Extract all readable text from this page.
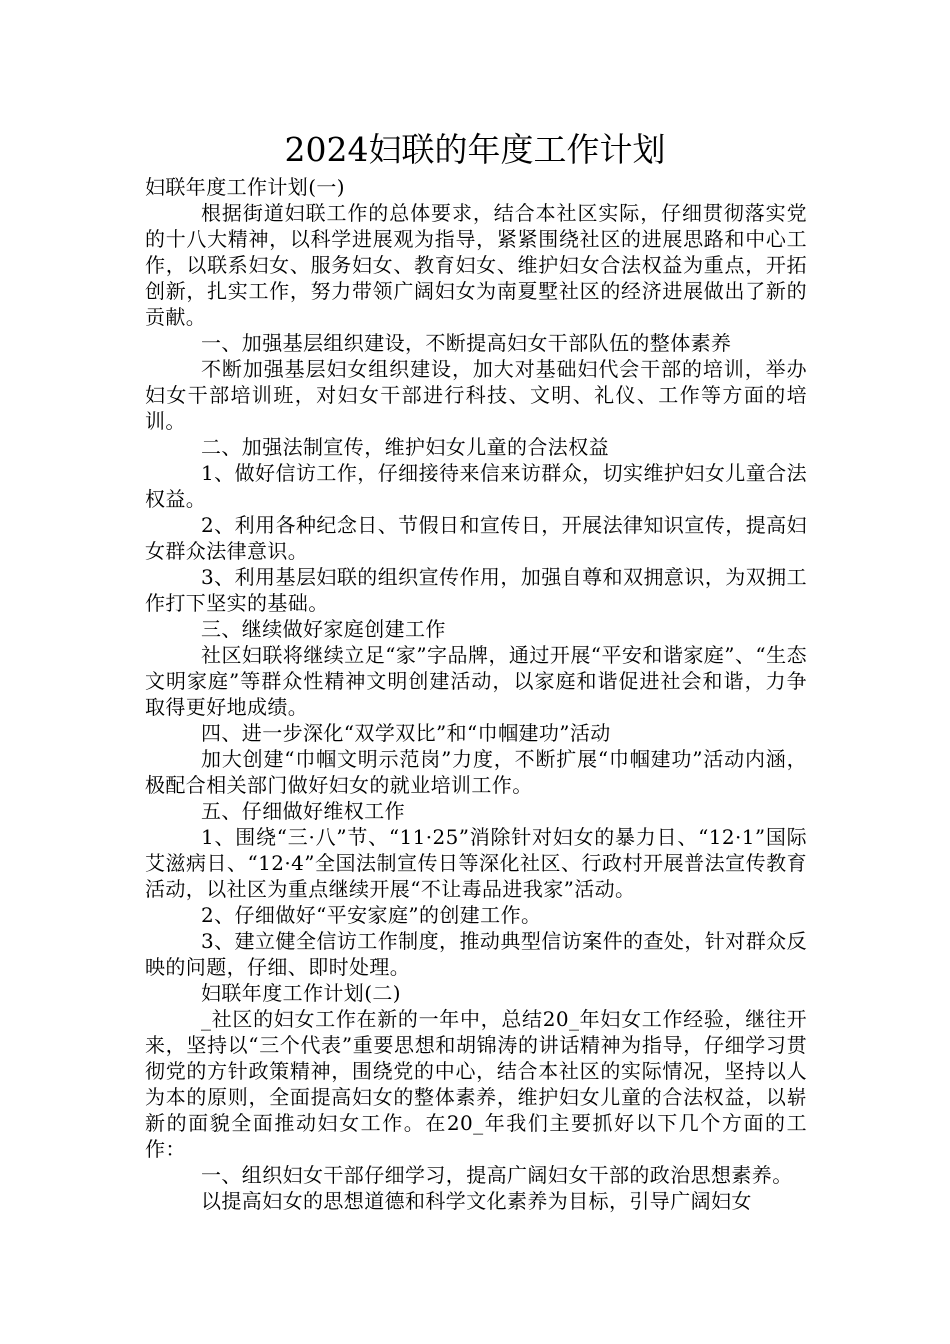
2024妇联的年度工作计划

妇联年度工作计划(一)

根据街道妇联工作的总体要求，结合本社区实际，仔细贯彻落实党的十八大精神，以科学进展观为指导，紧紧围绕社区的进展思路和中心工作，以联系妇女、服务妇女、教育妇女、维护妇女合法权益为重点，开拓创新，扎实工作，努力带领广阔妇女为南夏墅社区的经济进展做出了新的贡献。

一、加强基层组织建设，不断提高妇女干部队伍的整体素养

不断加强基层妇女组织建设，加大对基础妇代会干部的培训，举办妇女干部培训班，对妇女干部进行科技、文明、礼仪、工作等方面的培训。

二、加强法制宣传，维护妇女儿童的合法权益

1、做好信访工作，仔细接待来信来访群众，切实维护妇女儿童合法权益。

2、利用各种纪念日、节假日和宣传日，开展法律知识宣传，提高妇女群众法律意识。

3、利用基层妇联的组织宣传作用，加强自尊和双拥意识，为双拥工作打下坚实的基础。

三、继续做好家庭创建工作

社区妇联将继续立足“家”字品牌，通过开展“平安和谐家庭”、“生态文明家庭”等群众性精神文明创建活动，以家庭和谐促进社会和谐，力争取得更好地成绩。

四、进一步深化“双学双比”和“巾帼建功”活动

加大创建“巾帼文明示范岗”力度，不断扩展“巾帼建功”活动内涵，极配合相关部门做好妇女的就业培训工作。

五、仔细做好维权工作

1、围绕“三·八”节、“11·25”消除针对妇女的暴力日、“12·1”国际艾滋病日、“12·4”全国法制宣传日等深化社区、行政村开展普法宣传教育活动，以社区为重点继续开展“不让毒品进我家”活动。

2、仔细做好“平安家庭”的创建工作。

3、建立健全信访工作制度，推动典型信访案件的查处，针对群众反映的问题，仔细、即时处理。

妇联年度工作计划(二)

_社区的妇女工作在新的一年中，总结20_年妇女工作经验，继往开来，坚持以“三个代表”重要思想和胡锦涛的讲话精神为指导，仔细学习贯彻党的方针政策精神，围绕党的中心，结合本社区的实际情况，坚持以人为本的原则，全面提高妇女的整体素养，维护妇女儿童的合法权益，以崭新的面貌全面推动妇女工作。在20_年我们主要抓好以下几个方面的工作：

一、组织妇女干部仔细学习，提高广阔妇女干部的政治思想素养。

以提高妇女的思想道德和科学文化素养为目标，引导广阔妇女
